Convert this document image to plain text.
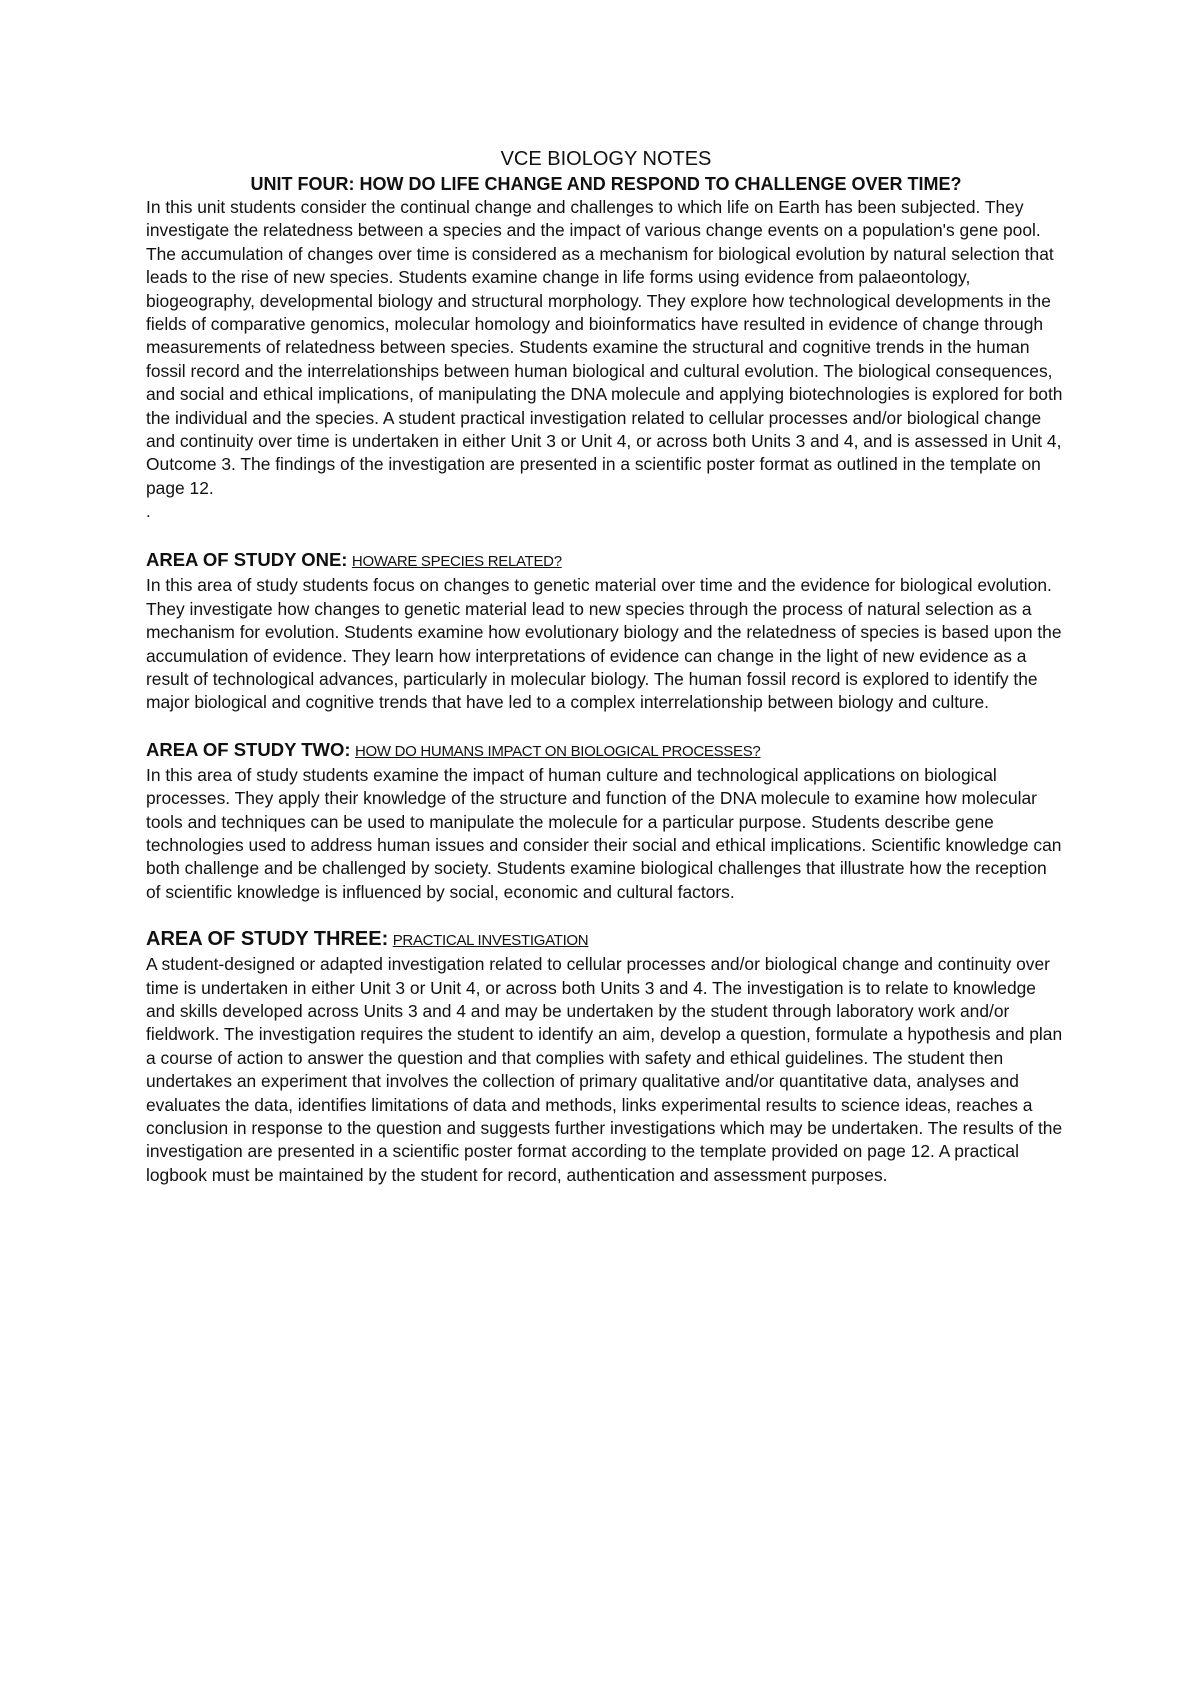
VCE BIOLOGY NOTES
UNIT FOUR: HOW DO LIFE CHANGE AND RESPOND TO CHALLENGE OVER TIME?

In this unit students consider the continual change and challenges to which life on Earth has been subjected. They investigate the relatedness between a species and the impact of various change events on a population's gene pool. The accumulation of changes over time is considered as a mechanism for biological evolution by natural selection that leads to the rise of new species. Students examine change in life forms using evidence from palaeontology, biogeography, developmental biology and structural morphology. They explore how technological developments in the fields of comparative genomics, molecular homology and bioinformatics have resulted in evidence of change through measurements of relatedness between species. Students examine the structural and cognitive trends in the human fossil record and the interrelationships between human biological and cultural evolution. The biological consequences, and social and ethical implications, of manipulating the DNA molecule and applying biotechnologies is explored for both the individual and the species. A student practical investigation related to cellular processes and/or biological change and continuity over time is undertaken in either Unit 3 or Unit 4, or across both Units 3 and 4, and is assessed in Unit 4, Outcome 3. The findings of the investigation are presented in a scientific poster format as outlined in the template on page 12.

.

AREA OF STUDY ONE: HOWARE SPECIES RELATED?

In this area of study students focus on changes to genetic material over time and the evidence for biological evolution. They investigate how changes to genetic material lead to new species through the process of natural selection as a mechanism for evolution. Students examine how evolutionary biology and the relatedness of species is based upon the accumulation of evidence. They learn how interpretations of evidence can change in the light of new evidence as a result of technological advances, particularly in molecular biology. The human fossil record is explored to identify the major biological and cognitive trends that have led to a complex interrelationship between biology and culture.

AREA OF STUDY TWO: HOW DO HUMANS IMPACT ON BIOLOGICAL PROCESSES?

In this area of study students examine the impact of human culture and technological applications on biological processes. They apply their knowledge of the structure and function of the DNA molecule to examine how molecular tools and techniques can be used to manipulate the molecule for a particular purpose. Students describe gene technologies used to address human issues and consider their social and ethical implications. Scientific knowledge can both challenge and be challenged by society. Students examine biological challenges that illustrate how the reception of scientific knowledge is influenced by social, economic and cultural factors.

AREA OF STUDY THREE: PRACTICAL INVESTIGATION

A student-designed or adapted investigation related to cellular processes and/or biological change and continuity over time is undertaken in either Unit 3 or Unit 4, or across both Units 3 and 4. The investigation is to relate to knowledge and skills developed across Units 3 and 4 and may be undertaken by the student through laboratory work and/or fieldwork. The investigation requires the student to identify an aim, develop a question, formulate a hypothesis and plan a course of action to answer the question and that complies with safety and ethical guidelines. The student then undertakes an experiment that involves the collection of primary qualitative and/or quantitative data, analyses and evaluates the data, identifies limitations of data and methods, links experimental results to science ideas, reaches a conclusion in response to the question and suggests further investigations which may be undertaken. The results of the investigation are presented in a scientific poster format according to the template provided on page 12. A practical logbook must be maintained by the student for record, authentication and assessment purposes.
